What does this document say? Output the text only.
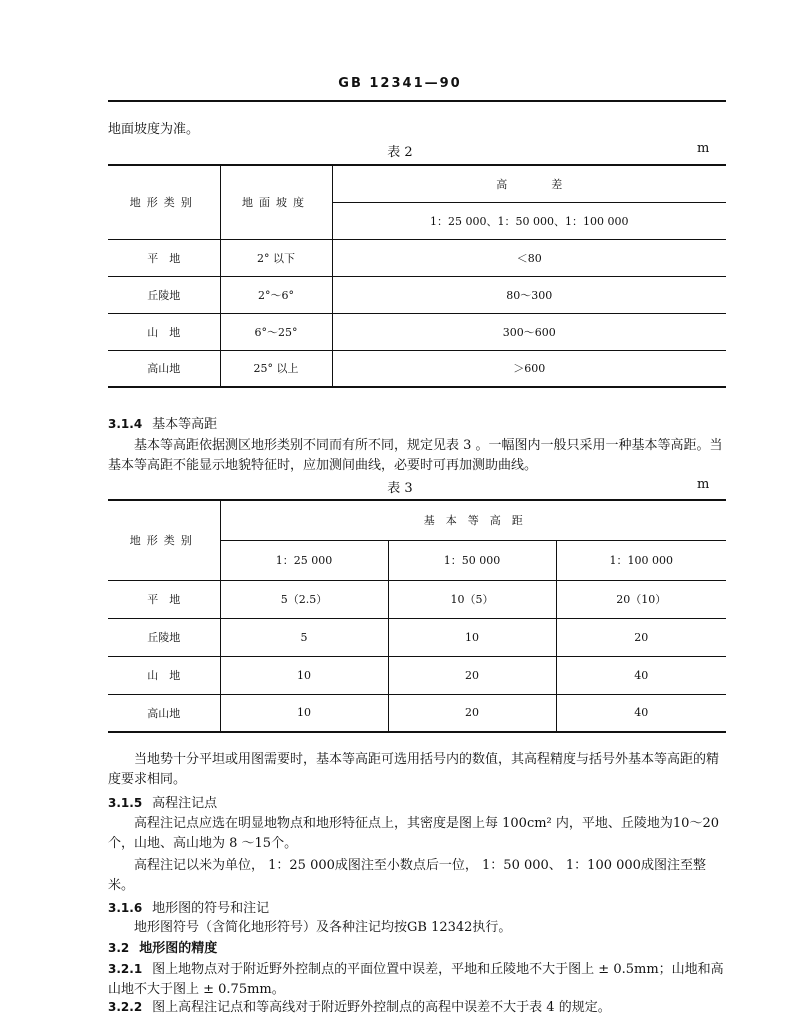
GB 12341—90

地面坡度为准。

表 2	m
地形类别	地面坡度	高　　　　差
		1：25 000、1：50 000、1：100 000
平　地	2° 以下	＜80
丘陵地	2°～6°	80～300
山　地	6°～25°	300～600
高山地	25° 以上	＞600

3.1.4 基本等高距

基本等高距依据测区地形类别不同而有所不同，规定见表 3 。一幅图内一般只采用一种基本等高距。当基本等高距不能显示地貌特征时，应加测间曲线，必要时可再加测助曲线。

表 3	m
地形类别	基　本　等　高　距		
	1：25 000	1：50 000	1：100 000
平　地	5（2.5）	10（5）	20（10）
丘陵地	5	10	20
山　地	10	20	40
高山地	10	20	40

当地势十分平坦或用图需要时，基本等高距可选用括号内的数值，其高程精度与括号外基本等高距的精度要求相同。

3.1.5 高程注记点

高程注记点应选在明显地物点和地形特征点上，其密度是图上每 100cm² 内，平地、丘陵地为10～20个，山地、高山地为 8 ～15个。

高程注记以米为单位， 1：25 000成图注至小数点后一位， 1：50 000、 1：100 000成图注至整米。

3.1.6 地形图的符号和注记

地形图符号（含简化地形符号）及各种注记均按GB 12342执行。

3.2 地形图的精度

3.2.1 图上地物点对于附近野外控制点的平面位置中误差，平地和丘陵地不大于图上 ± 0.5mm；山地和高山地不大于图上 ± 0.75mm。

3.2.2 图上高程注记点和等高线对于附近野外控制点的高程中误差不大于表 4 的规定。
